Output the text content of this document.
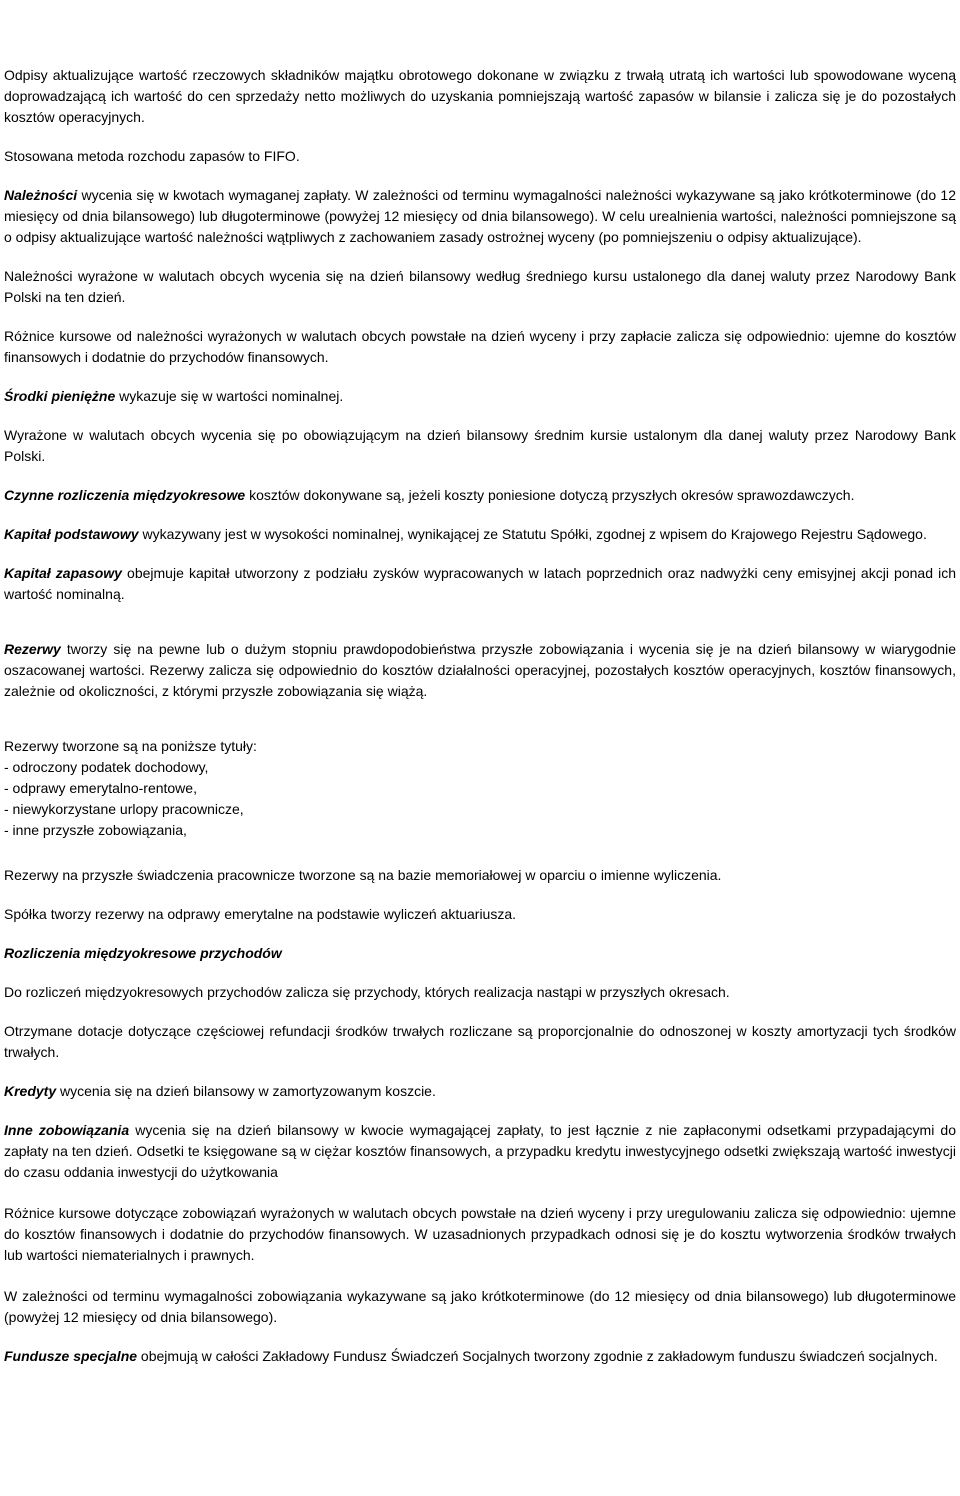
SEKO S.A. - Sprawozdanie Finansowe za 2014 rok

Odpisy aktualizujące wartość rzeczowych składników majątku obrotowego dokonane w związku z trwałą utratą ich wartości lub spowodowane wyceną doprowadzającą ich wartość do cen sprzedaży netto możliwych do uzyskania pomniejszają wartość zapasów w bilansie i zalicza się je do pozostałych kosztów operacyjnych.

Stosowana metoda rozchodu zapasów to FIFO.

Należności wycenia się w kwotach wymaganej zapłaty. W zależności od terminu wymagalności należności wykazywane są jako krótkoterminowe (do 12 miesięcy od dnia bilansowego) lub długoterminowe (powyżej 12 miesięcy od dnia bilansowego). W celu urealnienia wartości, należności pomniejszone są o odpisy aktualizujące wartość należności wątpliwych z zachowaniem zasady ostrożnej wyceny (po pomniejszeniu o odpisy aktualizujące).

Należności wyrażone w walutach obcych wycenia się na dzień bilansowy według średniego kursu ustalonego dla danej waluty przez Narodowy Bank Polski na ten dzień.

Różnice kursowe od należności wyrażonych w walutach obcych powstałe na dzień wyceny i przy zapłacie zalicza się odpowiednio: ujemne do kosztów finansowych i dodatnie do przychodów finansowych.

Środki pieniężne wykazuje się w wartości nominalnej.

Wyrażone w walutach obcych wycenia się po obowiązującym na dzień bilansowy średnim kursie ustalonym dla danej waluty przez Narodowy Bank Polski.

Czynne rozliczenia międzyokresowe kosztów dokonywane są, jeżeli koszty poniesione dotyczą przyszłych okresów sprawozdawczych.

Kapitał podstawowy wykazywany jest w wysokości nominalnej, wynikającej ze Statutu Spółki, zgodnej z wpisem do Krajowego Rejestru Sądowego.

Kapitał zapasowy obejmuje kapitał utworzony z podziału zysków wypracowanych w latach poprzednich oraz nadwyżki ceny emisyjnej akcji ponad ich wartość nominalną.

Rezerwy tworzy się na pewne lub o dużym stopniu prawdopodobieństwa przyszłe zobowiązania i wycenia się je na dzień bilansowy w wiarygodnie oszacowanej wartości. Rezerwy zalicza się odpowiednio do kosztów działalności operacyjnej, pozostałych kosztów operacyjnych, kosztów finansowych, zależnie od okoliczności, z którymi przyszłe zobowiązania się wiążą.

Rezerwy tworzone są na poniższe tytuły:

- odroczony podatek dochodowy,
- odprawy emerytalno-rentowe,
- niewykorzystane urlopy pracownicze,
- inne przyszłe zobowiązania,

Rezerwy na przyszłe świadczenia pracownicze tworzone są na bazie memoriałowej w oparciu o imienne wyliczenia.

Spółka tworzy rezerwy na odprawy emerytalne na podstawie wyliczeń aktuariusza.

Rozliczenia międzyokresowe przychodów

Do rozliczeń międzyokresowych przychodów zalicza się przychody, których realizacja nastąpi w przyszłych okresach.

Otrzymane dotacje dotyczące częściowej refundacji środków trwałych rozliczane są proporcjonalnie do odnoszonej w koszty amortyzacji tych środków trwałych.

Kredyty wycenia się na dzień bilansowy w zamortyzowanym koszcie.

Inne zobowiązania wycenia się na dzień bilansowy w kwocie wymagającej zapłaty, to jest łącznie z nie zapłaconymi odsetkami przypadającymi do zapłaty na ten dzień. Odsetki te księgowane są w ciężar kosztów finansowych, a przypadku kredytu inwestycyjnego odsetki zwiększają wartość inwestycji do czasu oddania inwestycji do użytkowania

Różnice kursowe dotyczące zobowiązań wyrażonych w walutach obcych powstałe na dzień wyceny i przy uregulowaniu zalicza się odpowiednio: ujemne do kosztów finansowych i dodatnie do przychodów finansowych. W uzasadnionych przypadkach odnosi się je do kosztu wytworzenia środków trwałych lub wartości niematerialnych i prawnych.

W zależności od terminu wymagalności zobowiązania wykazywane są jako krótkoterminowe (do 12 miesięcy od dnia bilansowego) lub długoterminowe (powyżej 12 miesięcy od dnia bilansowego).

Fundusze specjalne obejmują w całości Zakładowy Fundusz Świadczeń Socjalnych tworzony zgodnie z zakładowym funduszu świadczeń socjalnych.
